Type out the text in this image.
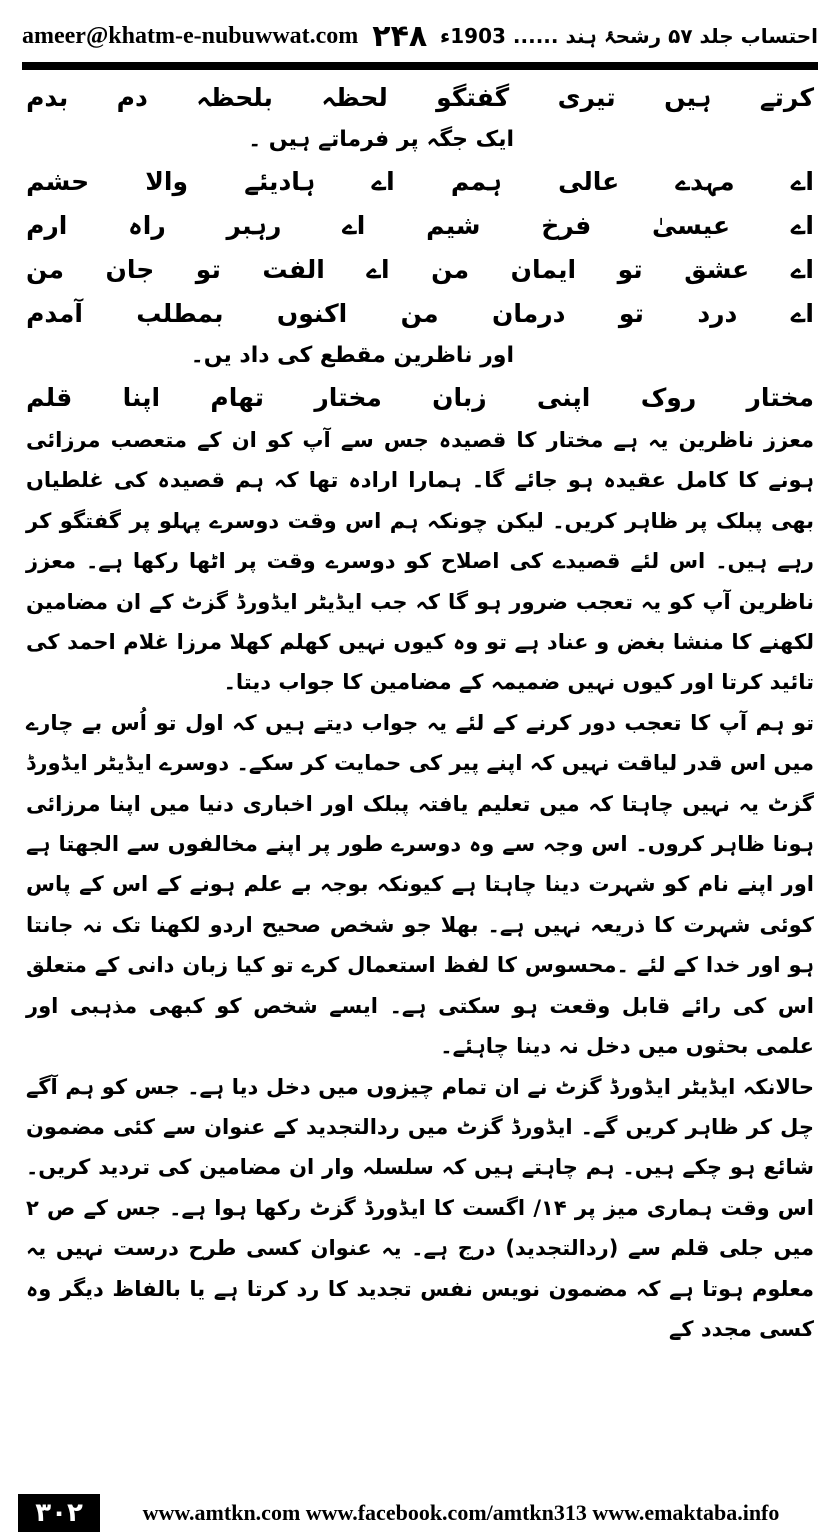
ameer@khatm-e-nubuwwat.com ۲۴۸ احتساب جلد ۵۷ رشحۂ ہند ...... 1903ء
کرتے
ہیں
تیری
گفتگو
لحظہ
بلحظہ
دم
بدم
ایک جگہ پر فرماتے ہیں ۔
اے
مہدے
عالی
ہمم
اے
ہادیئے
والا
حشم
اے
عیسیٰ
فرخ
شیم
اے
رہبر
راہ
ارم
اے
عشق
تو
ایمان
من
اے
الفت
تو
جان
من
اے
درد
تو
درمان
من
اکنوں
بمطلب
آمدم
اور ناظرین مقطع کی داد یں۔
مختار
روک
اپنی
زبان
مختار
تھام
اپنا
قلم

معزز ناظرین یہ ہے مختار کا قصیدہ جس سے آپ کو ان کے متعصب مرزائی ہونے کا کامل عقیدہ ہو جائے گا۔ ہمارا ارادہ تھا کہ ہم قصیدہ کی غلطیاں بھی پبلک پر ظاہر کریں۔ لیکن چونکہ ہم اس وقت دوسرے پہلو پر گفتگو کر رہے ہیں۔ اس لئے قصیدے کی اصلاح کو دوسرے وقت پر اٹھا رکھا ہے۔ معزز ناظرین آپ کو یہ تعجب ضرور ہو گا کہ جب ایڈیٹر ایڈورڈ گزٹ کے ان مضامین لکھنے کا منشا بغض و عناد ہے تو وہ کیوں نہیں کھلم کھلا مرزا غلام احمد کی تائید کرتا اور کیوں نہیں ضمیمہ کے مضامین کا جواب دیتا۔

تو ہم آپ کا تعجب دور کرنے کے لئے یہ جواب دیتے ہیں کہ اول تو اُس بے چارے میں اس قدر لیاقت نہیں کہ اپنے پیر کی حمایت کر سکے۔ دوسرے ایڈیٹر ایڈورڈ گزٹ یہ نہیں چاہتا کہ میں تعلیم یافتہ پبلک اور اخباری دنیا میں اپنا مرزائی ہونا ظاہر کروں۔ اس وجہ سے وہ دوسرے طور پر اپنے مخالفوں سے الجھتا ہے اور اپنے نام کو شہرت دینا چاہتا ہے کیونکہ بوجہ بے علم ہونے کے اس کے پاس کوئی شہرت کا ذریعہ نہیں ہے۔ بھلا جو شخص صحیح اردو لکھنا تک نہ جانتا ہو اور خدا کے لئے ۔محسوس کا لفظ استعمال کرے تو کیا زبان دانی کے متعلق اس کی رائے قابل وقعت ہو سکتی ہے۔ ایسے شخص کو کبھی مذہبی اور علمی بحثوں میں دخل نہ دینا چاہئے۔

حالانکہ ایڈیٹر ایڈورڈ گزٹ نے ان تمام چیزوں میں دخل دیا ہے۔ جس کو ہم آگے چل کر ظاہر کریں گے۔ ایڈورڈ گزٹ میں ردالتجدید کے عنوان سے کئی مضمون شائع ہو چکے ہیں۔ ہم چاہتے ہیں کہ سلسلہ وار ان مضامین کی تردید کریں۔ اس وقت ہماری میز پر ۱۴/ اگست کا ایڈورڈ گزٹ رکھا ہوا ہے۔ جس کے ص ۲ میں جلی قلم سے (ردالتجدید) درج ہے۔ یہ عنوان کسی طرح درست نہیں یہ معلوم ہوتا ہے کہ مضمون نویس نفس تجدید کا رد کرتا ہے یا بالفاظ دیگر وہ کسی مجدد کے

۳۰۲	www.amtkn.com www.facebook.com/amtkn313 www.emaktaba.info
